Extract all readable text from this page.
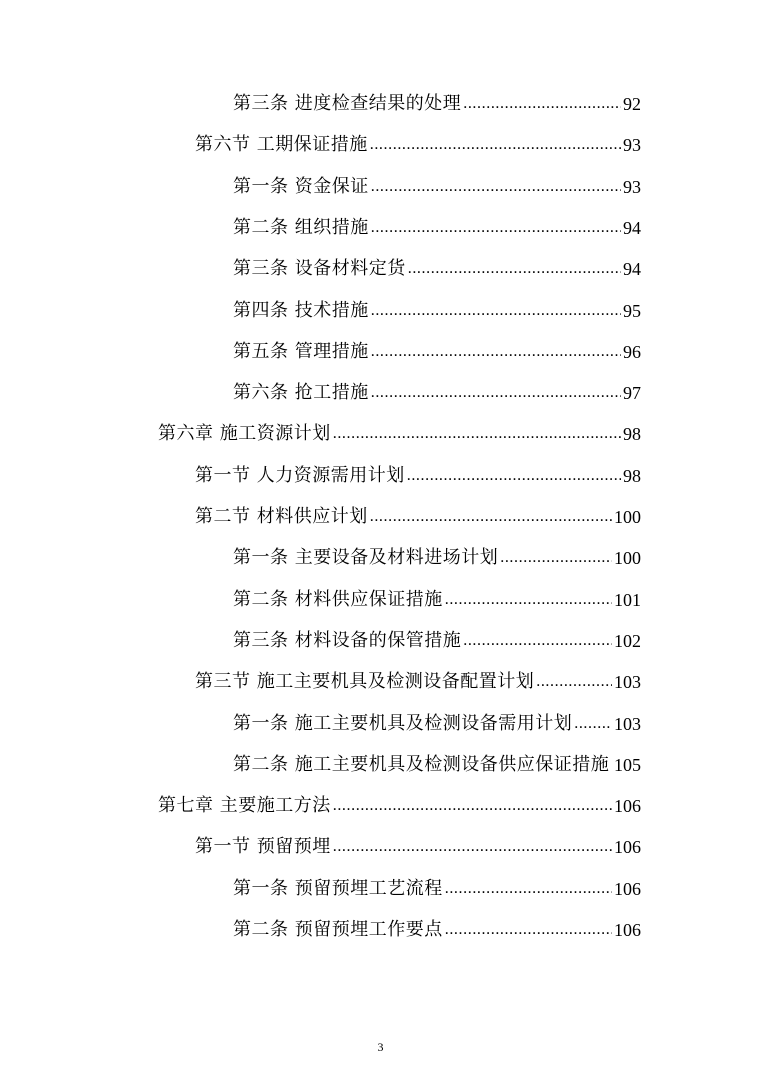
第三条 进度检查结果的处理 .....	92
第六节 工期保证措施 .....	93
第一条 资金保证 .....	93
第二条 组织措施 .....	94
第三条 设备材料定货 .....	94
第四条 技术措施 .....	95
第五条 管理措施 .....	96
第六条 抢工措施 .....	97
第六章 施工资源计划 .....	98
第一节 人力资源需用计划 .....	98
第二节 材料供应计划 .....	100
第一条 主要设备及材料进场计划 .....	100
第二条 材料供应保证措施 .....	101
第三条 材料设备的保管措施 .....	102
第三节 施工主要机具及检测设备配置计划 .....	103
第一条 施工主要机具及检测设备需用计划 ..... 103
第二条 施工主要机具及检测设备供应保证措施 ..... 105
第七章 主要施工方法 .....	106
第一节 预留预埋 .....	106
第一条 预留预埋工艺流程 .....	106
第二条 预留预埋工作要点 .....	106
3
